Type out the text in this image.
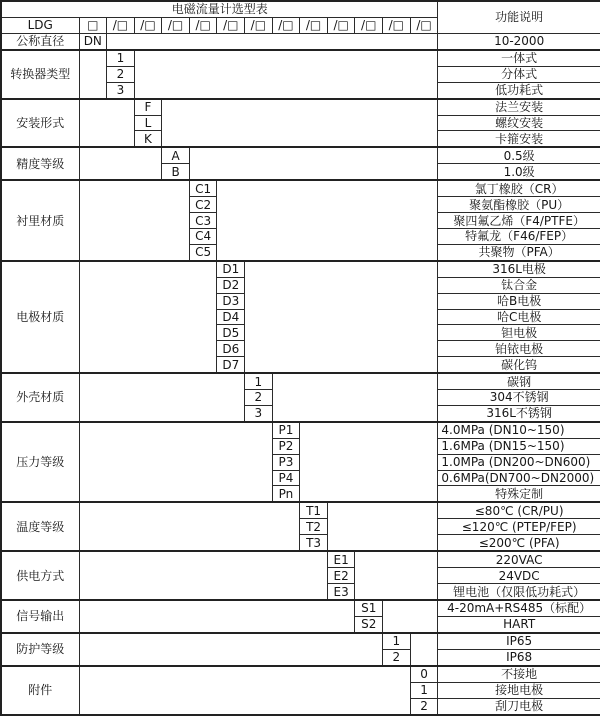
电磁流量计选型表														功能说明
LDG	□	/□	/□	/□	/□	/□	/□	/□	/□	/□	/□	/□	/□	
公称直径	DN													10-2000
转换器类型		1												一体式
		2												分体式
		3												低功耗式
安装形式			F											法兰安装
			L											螺纹安装
			K											卡箍安装
精度等级				A										0.5级
				B										1.0级
衬里材质					C1									氯丁橡胶（CR）
					C2									聚氨酯橡胶（PU）
					C3									聚四氟乙烯（F4/PTFE）
					C4									特氟龙（F46/FEP）
					C5									共聚物（PFA）
电极材质						D1								316L电极
						D2								钛合金
						D3								哈B电极
						D4								哈C电极
						D5								钽电极
						D6								铂铱电极
						D7								碳化钨
外壳材质							1							碳钢
							2							304不锈钢
							3							316L不锈钢
压力等级								P1						4.0MPa (DN10~150)
								P2						1.6MPa (DN15~150)
								P3						1.0MPa (DN200~DN600)
								P4						0.6MPa(DN700~DN2000)
								Pn						特殊定制
温度等级									T1					≤80℃ (CR/PU)
									T2					≤120℃ (PTEP/FEP)
									T3					≤200℃ (PFA)
供电方式										E1				220VAC
										E2				24VDC
										E3				锂电池（仅限低功耗式）
信号输出											S1			4-20mA+RS485（标配）
											S2			HART
防护等级												1		IP65
												2		IP68
附件													0	不接地
													1	接地电极
													2	刮刀电极
